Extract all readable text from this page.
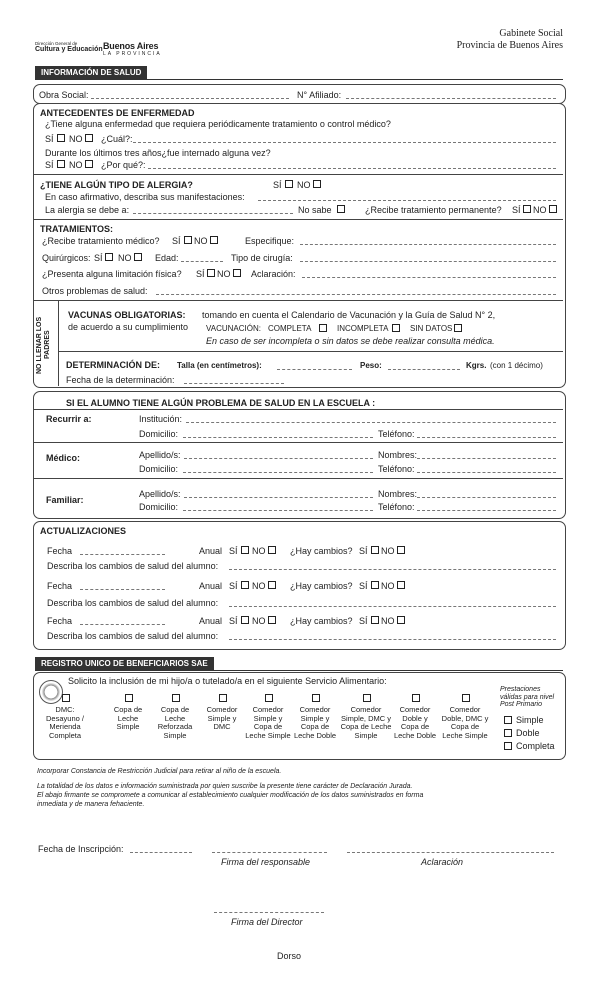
Dirección General de
Cultura y Educación Buenos Aires
LA PROVINCIA
Gabinete Social
Provincia de Buenos Aires
INFORMACIÓN DE SALUD
Obra Social:	N° Afiliado:
ANTECEDENTES DE ENFERMEDAD
¿Tiene alguna enfermedad que requiera periódicamente tratamiento o control médico?
SÍ NO ¿Cuál?:
Durante los últimos tres años¿fue internado alguna vez?
SÍ NO ¿Por qué?:
¿TIENE ALGÚN TIPO DE ALERGIA?	SÍ NO
En caso afirmativo, describa sus manifestaciones:
La alergia se debe a:	No sabe	¿Recibe tratamiento permanente? SÍ NO
TRATAMIENTOS:
¿Recibe tratamiento médico? SÍ NO	Especifique:
Quirúrgicos: SÍ NO	Edad:	Tipo de cirugía:
¿Presenta alguna limitación física? SÍ NO Aclaración:
Otros problemas de salud:
NO LLENAR LOS PADRES
VACUNAS OBLIGATORIAS: tomando en cuenta el Calendario de Vacunación y la Guía de Salud N° 2,
de acuerdo a su cumplimiento VACUNACIÓN: COMPLETA	INCOMPLETA	SIN DATOS
En caso de ser incompleta o sin datos se debe realizar consulta médica.
DETERMINACIÓN DE: Talla (en centímetros):	Peso:	Kgrs. (con 1 décimo)
Fecha de la determinación:
SI EL ALUMNO TIENE ALGÚN PROBLEMA DE SALUD EN LA ESCUELA :
Recurrir a:	Institución:
Domicilio:	Teléfono:
Médico:	Apellido/s:	Nombres:
Domicilio:	Teléfono:
Familiar:
Apellido/s:	Nombres:
Domicilio:	Teléfono:
ACTUALIZACIONES
Fecha	Anual SÍ NO	¿Hay cambios? SÍ NO
Describa los cambios de salud del alumno:
Fecha	Anual SÍ NO	¿Hay cambios? SÍ NO
Describa los cambios de salud del alumno:
Fecha	Anual SÍ NO	¿Hay cambios? SÍ NO
Describa los cambios de salud del alumno:
REGISTRO UNICO DE BENEFICIARIOS SAE
Solicito la inclusión de mi hijo/a o tutelado/a en el siguiente Servicio Alimentario:
DMC: Desayuno / Merienda Completa
Copa de Leche Simple
Copa de Leche Reforzada Simple
Comedor Simple y DMC
Comedor Simple y Copa de Leche Simple
Comedor Simple y Copa de Leche Doble
Comedor Simple, DMC y Copa de Leche Simple
Comedor Doble y Copa de Leche Doble
Comedor Doble, DMC y Copa de Leche Simple
Prestaciones válidas para nivel Post Primario
Simple
Doble
Completa
Incorporar Constancia de Restricción Judicial para retirar al niño de la escuela.
La totalidad de los datos e información suministrada por quien suscribe la presente tiene carácter de Declaración Jurada.
El abajo firmante se compromete a comunicar al establecimiento cualquier modificación de los datos suministrados en forma
inmediata y de manera fehaciente.
Fecha de Inscripción:
Firma del responsable	Aclaración
Firma del Director
Dorso
